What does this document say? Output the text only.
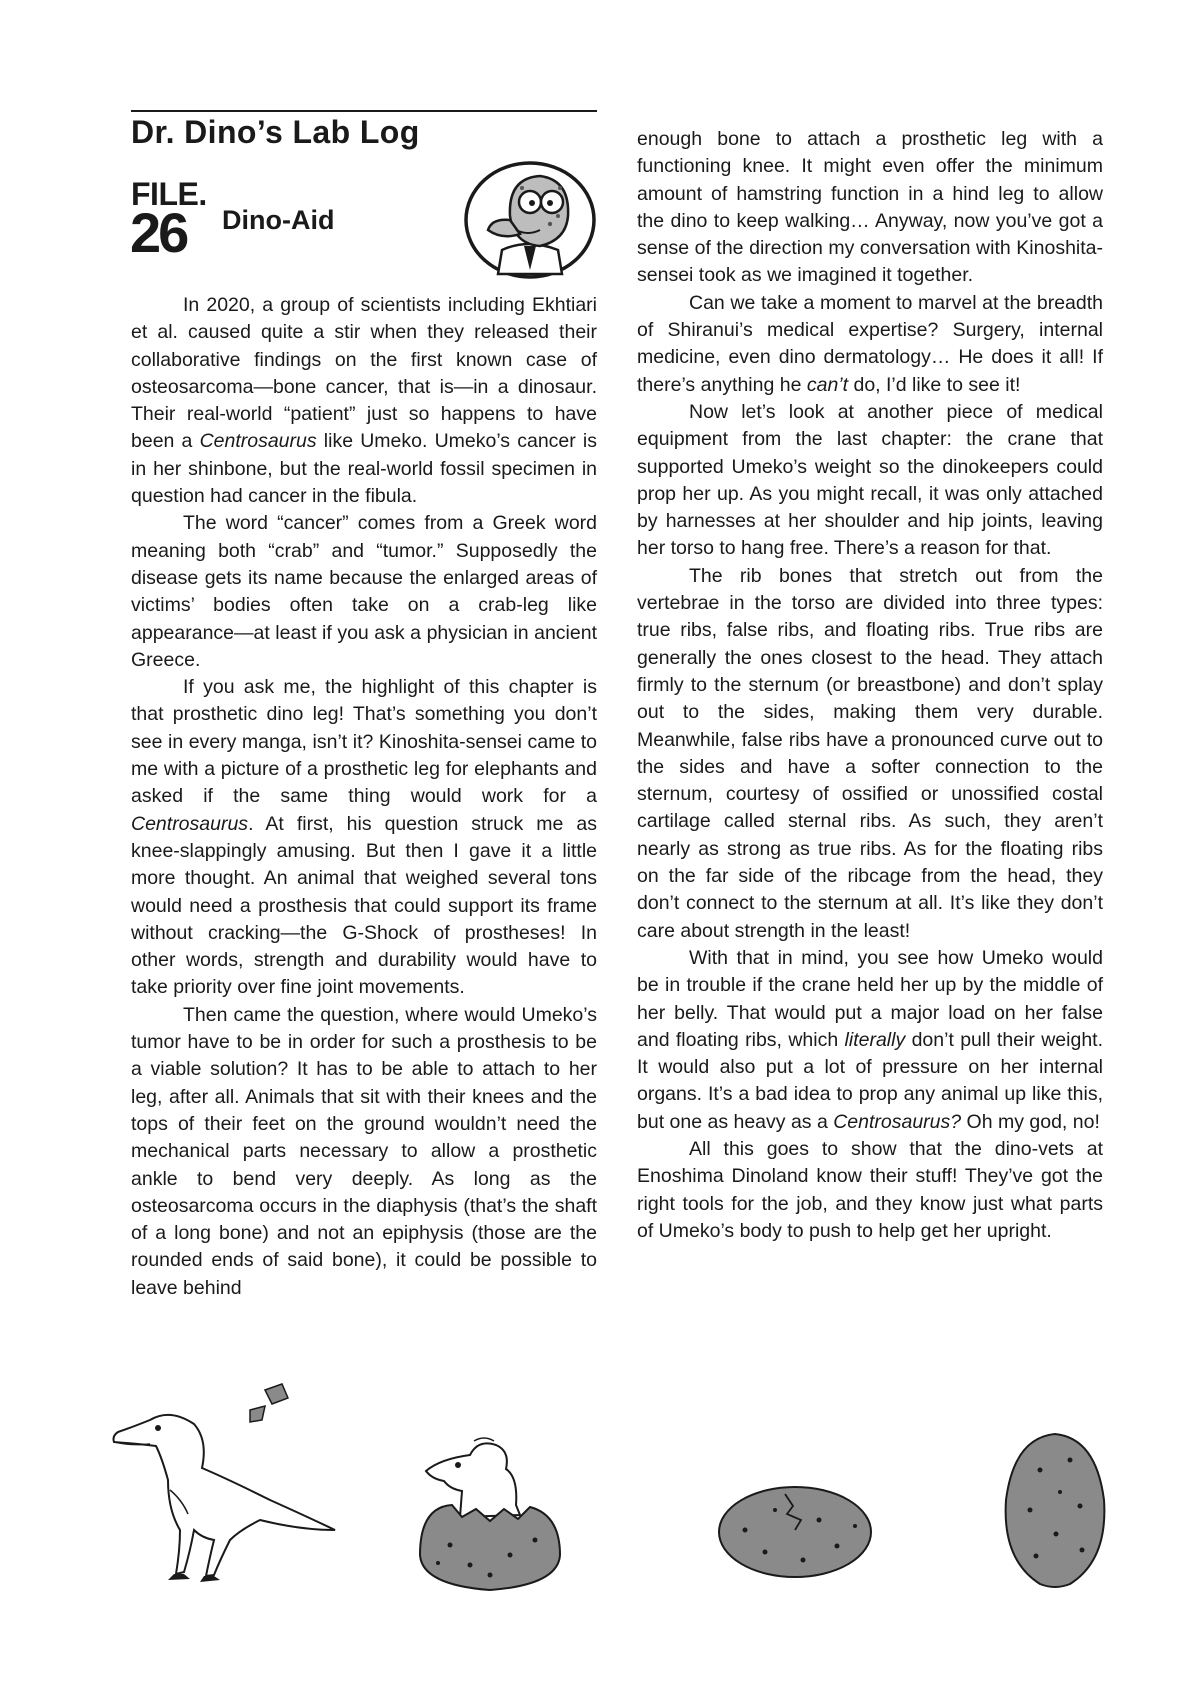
Dr. Dino’s Lab Log
FILE.
26 Dino-Aid

In 2020, a group of scientists including Ekhtiari et al. caused quite a stir when they released their collaborative findings on the first known case of osteosarcoma—bone cancer, that is—in a dinosaur. Their real-world “patient” just so happens to have been a Centrosaurus like Umeko. Umeko’s cancer is in her shinbone, but the real-world fossil specimen in question had cancer in the fibula.

The word “cancer” comes from a Greek word meaning both “crab” and “tumor.” Supposedly the disease gets its name because the enlarged areas of victims’ bodies often take on a crab-leg like appearance—at least if you ask a physician in ancient Greece.

If you ask me, the highlight of this chapter is that prosthetic dino leg! That’s something you don’t see in every manga, isn’t it? Kinoshita-sensei came to me with a picture of a prosthetic leg for elephants and asked if the same thing would work for a Centrosaurus. At first, his question struck me as knee-slappingly amusing. But then I gave it a little more thought. An animal that weighed several tons would need a prosthesis that could support its frame without cracking—the G-Shock of prostheses! In other words, strength and durability would have to take priority over fine joint movements.

Then came the question, where would Umeko’s tumor have to be in order for such a prosthesis to be a viable solution? It has to be able to attach to her leg, after all. Animals that sit with their knees and the tops of their feet on the ground wouldn’t need the mechanical parts necessary to allow a prosthetic ankle to bend very deeply. As long as the osteosarcoma occurs in the diaphysis (that’s the shaft of a long bone) and not an epiphysis (those are the rounded ends of said bone), it could be possible to leave behind

enough bone to attach a prosthetic leg with a functioning knee. It might even offer the minimum amount of hamstring function in a hind leg to allow the dino to keep walking… Anyway, now you’ve got a sense of the direction my conversation with Kinoshita-sensei took as we imagined it together.

Can we take a moment to marvel at the breadth of Shiranui’s medical expertise? Surgery, internal medicine, even dino dermatology… He does it all! If there’s anything he can’t do, I’d like to see it!

Now let’s look at another piece of medical equipment from the last chapter: the crane that supported Umeko’s weight so the dinokeepers could prop her up. As you might recall, it was only attached by harnesses at her shoulder and hip joints, leaving her torso to hang free. There’s a reason for that.

The rib bones that stretch out from the vertebrae in the torso are divided into three types: true ribs, false ribs, and floating ribs. True ribs are generally the ones closest to the head. They attach firmly to the sternum (or breastbone) and don’t splay out to the sides, making them very durable. Meanwhile, false ribs have a pronounced curve out to the sides and have a softer connection to the sternum, courtesy of ossified or unossified costal cartilage called sternal ribs. As such, they aren’t nearly as strong as true ribs. As for the floating ribs on the far side of the ribcage from the head, they don’t connect to the sternum at all. It’s like they don’t care about strength in the least!

With that in mind, you see how Umeko would be in trouble if the crane held her up by the middle of her belly. That would put a major load on her false and floating ribs, which literally don’t pull their weight. It would also put a lot of pressure on her internal organs. It’s a bad idea to prop any animal up like this, but one as heavy as a Centrosaurus? Oh my god, no!

All this goes to show that the dino-vets at Enoshima Dinoland know their stuff! They’ve got the right tools for the job, and they know just what parts of Umeko’s body to push to help get her upright.
